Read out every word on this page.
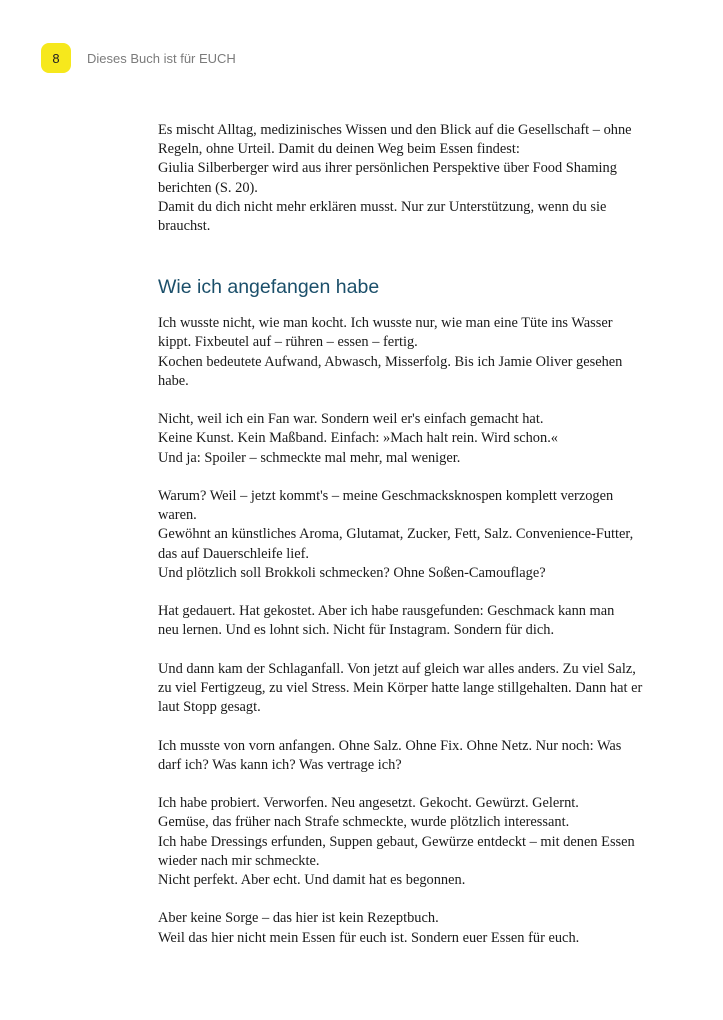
8	Dieses Buch ist für EUCH

Es mischt Alltag, medizinisches Wissen und den Blick auf die Gesellschaft – ohne
Regeln, ohne Urteil. Damit du deinen Weg beim Essen findest:
Giulia Silberberger wird aus ihrer persönlichen Perspektive über Food Shaming
berichten (S. 20).
Damit du dich nicht mehr erklären musst. Nur zur Unterstützung, wenn du sie
brauchst.

Wie ich angefangen habe

Ich wusste nicht, wie man kocht. Ich wusste nur, wie man eine Tüte ins Wasser
kippt. Fixbeutel auf – rühren – essen – fertig.
Kochen bedeutete Aufwand, Abwasch, Misserfolg. Bis ich Jamie Oliver gesehen
habe.

Nicht, weil ich ein Fan war. Sondern weil er's einfach gemacht hat.
Keine Kunst. Kein Maßband. Einfach: »Mach halt rein. Wird schon.«
Und ja: Spoiler – schmeckte mal mehr, mal weniger.

Warum? Weil – jetzt kommt's – meine Geschmacksknospen komplett verzogen
waren.
Gewöhnt an künstliches Aroma, Glutamat, Zucker, Fett, Salz. Convenience-Futter,
das auf Dauerschleife lief.
Und plötzlich soll Brokkoli schmecken? Ohne Soßen-Camouflage?

Hat gedauert. Hat gekostet. Aber ich habe rausgefunden: Geschmack kann man
neu lernen. Und es lohnt sich. Nicht für Instagram. Sondern für dich.

Und dann kam der Schlaganfall. Von jetzt auf gleich war alles anders. Zu viel Salz,
zu viel Fertigzeug, zu viel Stress. Mein Körper hatte lange stillgehalten. Dann hat er
laut Stopp gesagt.

Ich musste von vorn anfangen. Ohne Salz. Ohne Fix. Ohne Netz. Nur noch: Was
darf ich? Was kann ich? Was vertrage ich?

Ich habe probiert. Verworfen. Neu angesetzt. Gekocht. Gewürzt. Gelernt.
Gemüse, das früher nach Strafe schmeckte, wurde plötzlich interessant.
Ich habe Dressings erfunden, Suppen gebaut, Gewürze entdeckt – mit denen Essen
wieder nach mir schmeckte.
Nicht perfekt. Aber echt. Und damit hat es begonnen.

Aber keine Sorge – das hier ist kein Rezeptbuch.
Weil das hier nicht mein Essen für euch ist. Sondern euer Essen für euch.
